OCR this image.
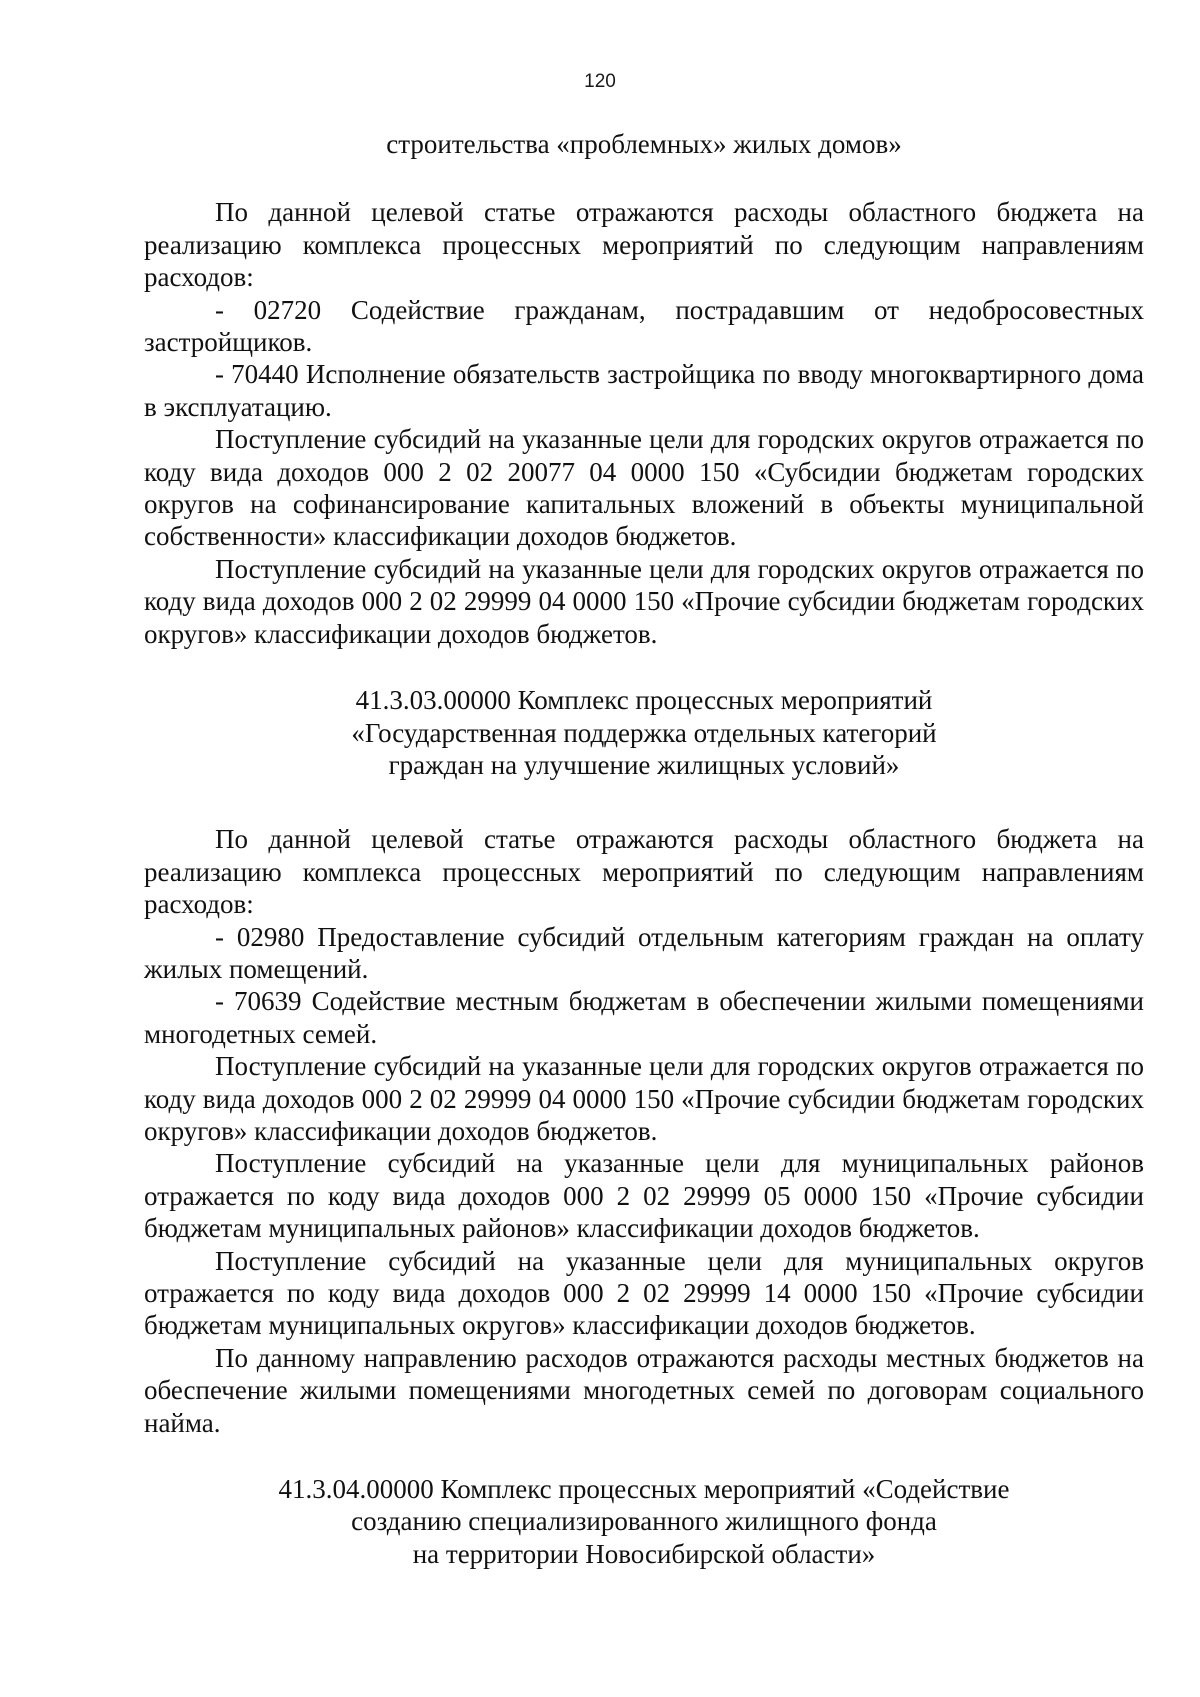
120
строительства «проблемных» жилых домов»

По данной целевой статье отражаются расходы областного бюджета на реализацию комплекса процессных мероприятий по следующим направлениям расходов:

- 02720 Содействие гражданам, пострадавшим от недобросовестных застройщиков.

- 70440 Исполнение обязательств застройщика по вводу многоквартирного дома в эксплуатацию.

Поступление субсидий на указанные цели для городских округов отражается по коду вида доходов 000 2 02 20077 04 0000 150 «Субсидии бюджетам городских округов на софинансирование капитальных вложений в объекты муниципальной собственности» классификации доходов бюджетов.

Поступление субсидий на указанные цели для городских округов отражается по коду вида доходов 000 2 02 29999 04 0000 150 «Прочие субсидии бюджетам городских округов» классификации доходов бюджетов.

41.3.03.00000 Комплекс процессных мероприятий
«Государственная поддержка отдельных категорий
граждан на улучшение жилищных условий»

По данной целевой статье отражаются расходы областного бюджета на реализацию комплекса процессных мероприятий по следующим направлениям расходов:

- 02980 Предоставление субсидий отдельным категориям граждан на оплату жилых помещений.

- 70639 Содействие местным бюджетам в обеспечении жилыми помещениями многодетных семей.

Поступление субсидий на указанные цели для городских округов отражается по коду вида доходов 000 2 02 29999 04 0000 150 «Прочие субсидии бюджетам городских округов» классификации доходов бюджетов.

Поступление субсидий на указанные цели для муниципальных районов отражается по коду вида доходов 000 2 02 29999 05 0000 150 «Прочие субсидии бюджетам муниципальных районов» классификации доходов бюджетов.

Поступление субсидий на указанные цели для муниципальных округов отражается по коду вида доходов 000 2 02 29999 14 0000 150 «Прочие субсидии бюджетам муниципальных округов» классификации доходов бюджетов.

По данному направлению расходов отражаются расходы местных бюджетов на обеспечение жилыми помещениями многодетных семей по договорам социального найма.

41.3.04.00000 Комплекс процессных мероприятий «Содействие
созданию специализированного жилищного фонда
на территории Новосибирской области»
